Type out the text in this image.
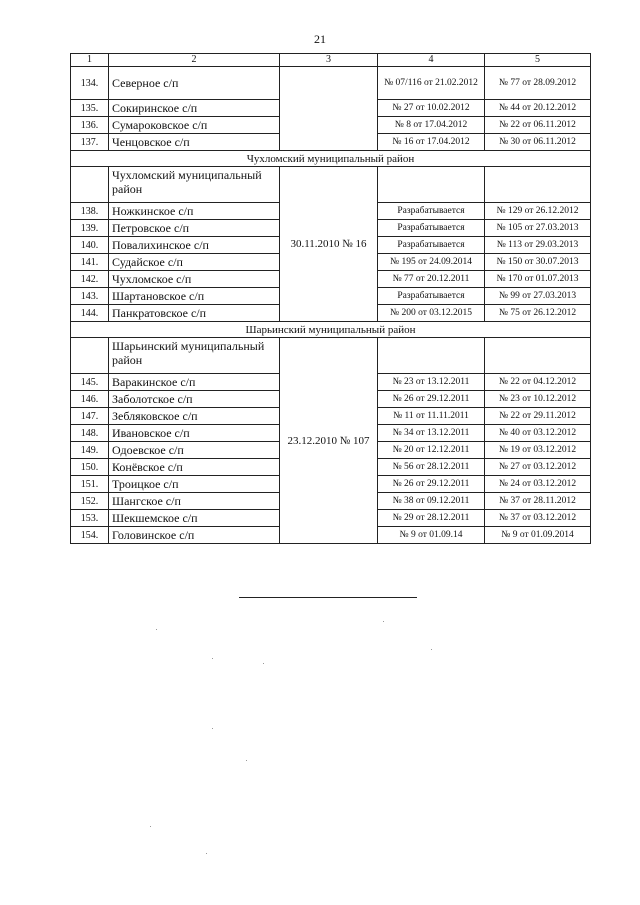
21
1	2	3	4	5
134.	Северное с/п		№ 07/116 от 21.02.2012	№ 77 от 28.09.2012
135.	Сокиринское с/п		№ 27 от 10.02.2012	№ 44 от 20.12.2012
136.	Сумароковское с/п		№ 8 от 17.04.2012	№ 22 от 06.11.2012
137.	Ченцовское с/п		№ 16 от 17.04.2012	№ 30 от 06.11.2012
Чухломский муниципальный район				
	Чухломский муниципальный район	30.11.2010 № 16		
138.	Ножкинское с/п		Разрабатывается	№ 129 от 26.12.2012
139.	Петровское с/п		Разрабатывается	№ 105 от 27.03.2013
140.	Повалихинское с/п		Разрабатывается	№ 113 от 29.03.2013
141.	Судайское с/п		№ 195 от 24.09.2014	№ 150 от 30.07.2013
142.	Чухломское с/п		№ 77 от 20.12.2011	№ 170 от 01.07.2013
143.	Шартановское с/п		Разрабатывается	№ 99 от 27.03.2013
144.	Панкратовское с/п		№ 200 от 03.12.2015	№ 75 от 26.12.2012
Шарьинский муниципальный район				
	Шарьинский муниципальный район	23.12.2010 № 107		
145.	Варакинское с/п		№ 23 от 13.12.2011	№ 22 от 04.12.2012
146.	Заболотское с/п		№ 26 от 29.12.2011	№ 23 от 10.12.2012
147.	Зебляковское с/п		№ 11 от 11.11.2011	№ 22 от 29.11.2012
148.	Ивановское с/п		№ 34 от 13.12.2011	№ 40 от 03.12.2012
149.	Одоевское с/п		№ 20 от 12.12.2011	№ 19 от 03.12.2012
150.	Конёвское с/п		№ 56 от 28.12.2011	№ 27 от 03.12.2012
151.	Троицкое с/п		№ 26 от 29.12.2011	№ 24 от 03.12.2012
152.	Шангское с/п		№ 38 от 09.12.2011	№ 37 от 28.11.2012
153.	Шекшемское с/п		№ 29 от 28.12.2011	№ 37 от 03.12.2012
154.	Головинское с/п		№ 9 от 01.09.14	№ 9 от 01.09.2014
